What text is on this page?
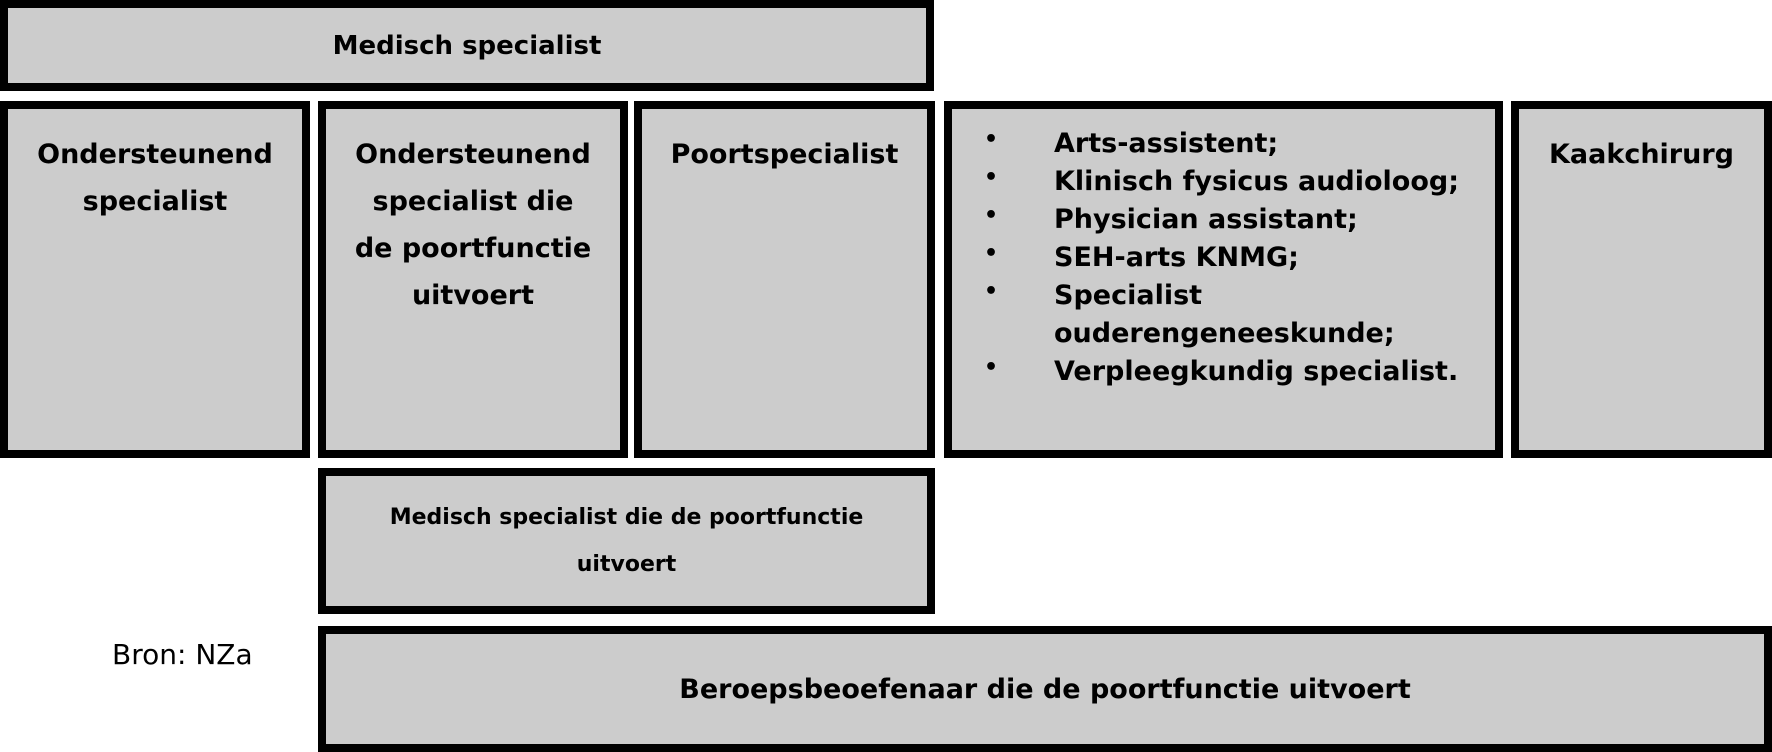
Medisch specialist
Ondersteunend
specialist
Ondersteunend
specialist die
de poortfunctie
uitvoert
Poortspecialist	• Arts-assistent;
• Klinisch fysicus audioloog;
• Physician assistant;
• SEH-arts KNMG;
• Specialist
ouderengeneeskunde;
• Verpleegkundig specialist.
Kaakchirurg
Medisch specialist die de poortfunctie
uitvoert
Bron: NZa
Beroepsbeoefenaar die de poortfunctie uitvoert
